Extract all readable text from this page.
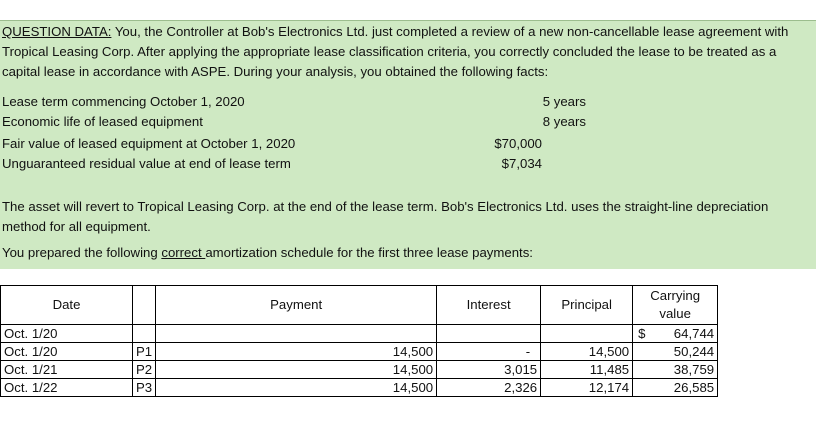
QUESTION DATA: You, the Controller at Bob's Electronics Ltd. just completed a review of a new non-cancellable lease agreement with Tropical Leasing Corp. After applying the appropriate lease classification criteria, you correctly concluded the lease to be treated as a capital lease in accordance with ASPE. During your analysis, you obtained the following facts:
Lease term commencing October 1, 2020	5 years
Economic life of leased equipment	8 years
Fair value of leased equipment at October 1, 2020	$70,000
Unguaranteed residual value at end of lease term	$7,034
The asset will revert to Tropical Leasing Corp. at the end of the lease term. Bob's Electronics Ltd. uses the straight-line depreciation method for all equipment.
You prepared the following correct amortization schedule for the first three lease payments:
Date		Payment	Interest	Principal	Carrying value
Oct. 1/20					$ 64,744
Oct. 1/20	P1	14,500	-	14,500	50,244
Oct. 1/21	P2	14,500	3,015	11,485	38,759
Oct. 1/22	P3	14,500	2,326	12,174	26,585
